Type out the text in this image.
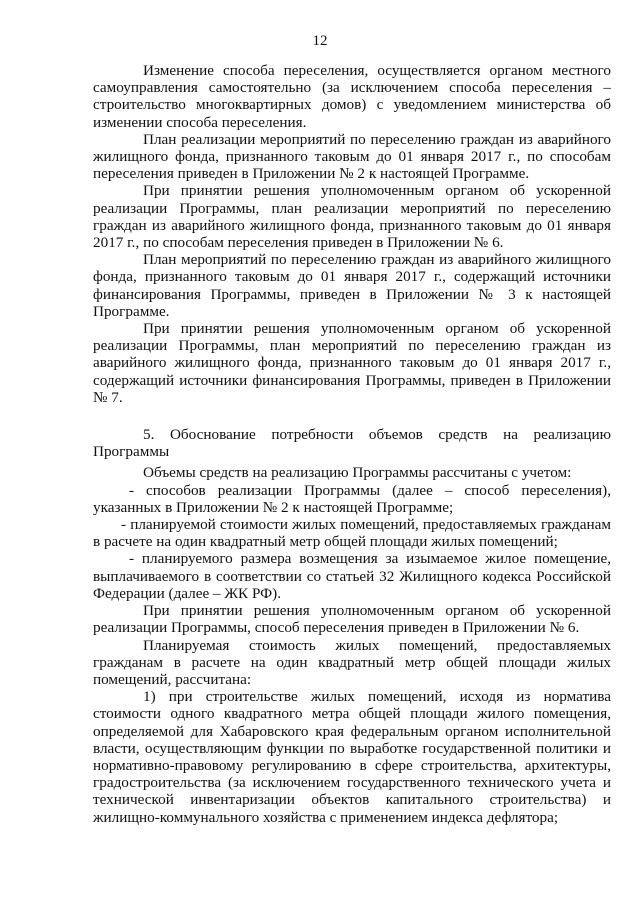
12

Изменение способа переселения, осуществляется органом местного самоуправления самостоятельно (за исключением способа переселения – строительство многоквартирных домов) с уведомлением министерства об изменении способа переселения.

План реализации мероприятий по переселению граждан из аварийного жилищного фонда, признанного таковым до 01 января 2017 г., по способам переселения приведен в Приложении № 2 к настоящей Программе.

При принятии решения уполномоченным органом об ускоренной реализации Программы, план реализации мероприятий по переселению граждан из аварийного жилищного фонда, признанного таковым до 01 января 2017 г., по способам переселения приведен в Приложении № 6.

План мероприятий по переселению граждан из аварийного жилищного фонда, признанного таковым до 01 января 2017 г., содержащий источники финансирования Программы, приведен в Приложении № 3 к настоящей Программе.

При принятии решения уполномоченным органом об ускоренной реализации Программы, план мероприятий по переселению граждан из аварийного жилищного фонда, признанного таковым до 01 января 2017 г., содержащий источники финансирования Программы, приведен в Приложении № 7.

5. Обоснование потребности объемов средств на реализацию Программы

Объемы средств на реализацию Программы рассчитаны с учетом:

- способов реализации Программы (далее – способ переселения), указанных в Приложении № 2 к настоящей Программе;

- планируемой стоимости жилых помещений, предоставляемых гражданам в расчете на один квадратный метр общей площади жилых помещений;

- планируемого размера возмещения за изымаемое жилое помещение, выплачиваемого в соответствии со статьей 32 Жилищного кодекса Российской Федерации (далее – ЖК РФ).

При принятии решения уполномоченным органом об ускоренной реализации Программы, способ переселения приведен в Приложении № 6.

Планируемая стоимость жилых помещений, предоставляемых гражданам в расчете на один квадратный метр общей площади жилых помещений, рассчитана:

1) при строительстве жилых помещений, исходя из норматива стоимости одного квадратного метра общей площади жилого помещения, определяемой для Хабаровского края федеральным органом исполнительной власти, осуществляющим функции по выработке государственной политики и нормативно-правовому регулированию в сфере строительства, архитектуры, градостроительства (за исключением государственного технического учета и технической инвентаризации объектов капитального строительства) и жилищно-коммунального хозяйства с применением индекса дефлятора;
